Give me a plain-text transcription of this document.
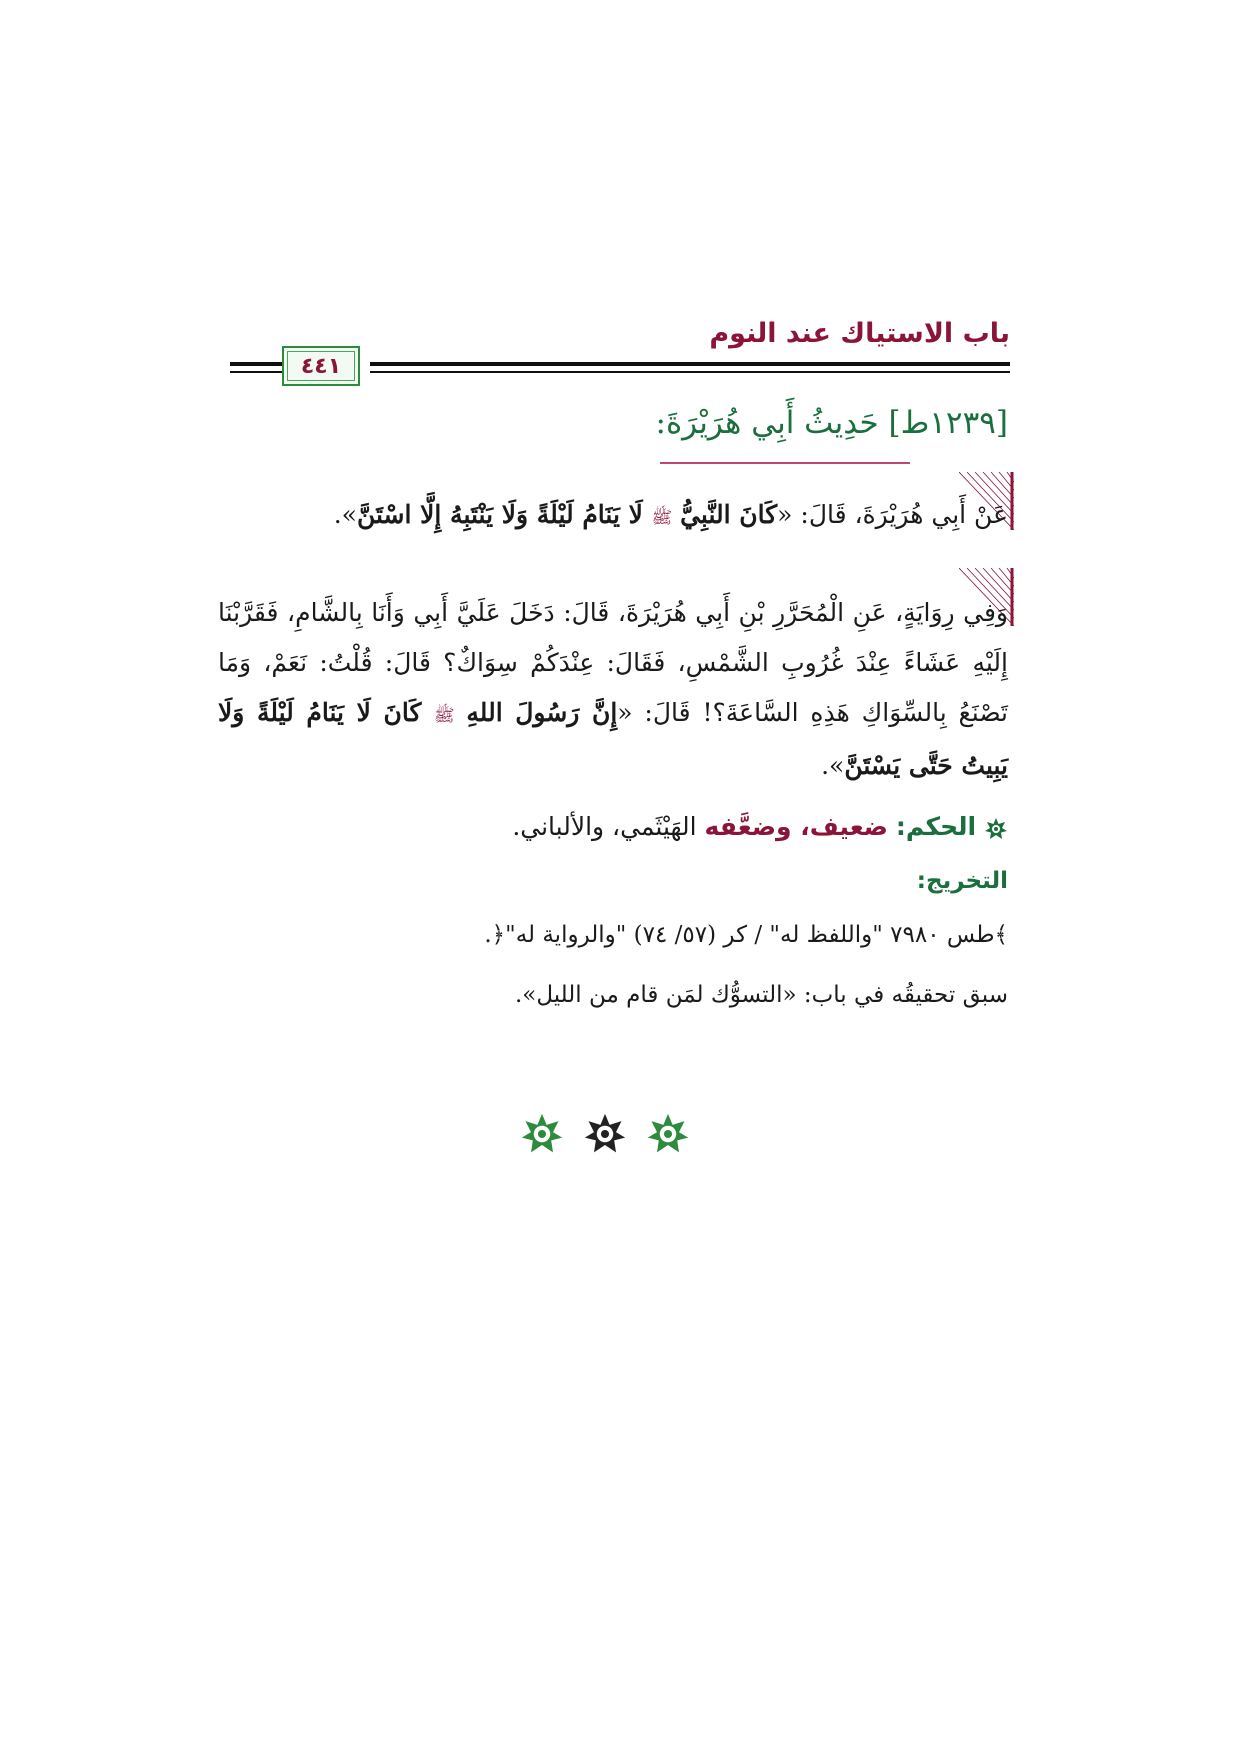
باب الاستياك عند النوم
٤٤١
[١٢٣٩ط] حَدِيثُ أَبِي هُرَيْرَةَ:

عَنْ أَبِي هُرَيْرَةَ، قَالَ: «كَانَ النَّبِيُّ ﷺ لَا يَنَامُ لَيْلَةً وَلَا يَنْتَبِهُ إِلَّا اسْتَنَّ».

وَفِي رِوَايَةٍ، عَنِ الْمُحَرَّرِ بْنِ أَبِي هُرَيْرَةَ، قَالَ: دَخَلَ عَلَيَّ أَبِي وَأَنَا بِالشَّامِ، فَقَرَّبْنَا إِلَيْهِ عَشَاءً عِنْدَ غُرُوبِ الشَّمْسِ، فَقَالَ: عِنْدَكُمْ سِوَاكٌ؟ قَالَ: قُلْتُ: نَعَمْ، وَمَا تَصْنَعُ بِالسِّوَاكِ هَذِهِ السَّاعَةَ؟! قَالَ: «إِنَّ رَسُولَ اللهِ ﷺ كَانَ لَا يَنَامُ لَيْلَةً وَلَا يَبِيتُ حَتَّى يَسْتَنَّ».

الحكم: ضعيف، وضعَّفه الهَيْثَمي، والألباني.
التخريج:
﴾طس ٧٩٨٠ "واللفظ له" / كر (٥٧/ ٧٤) "والرواية له"﴿.
سبق تحقيقُه في باب: «التسوُّك لمَن قام من الليل».
